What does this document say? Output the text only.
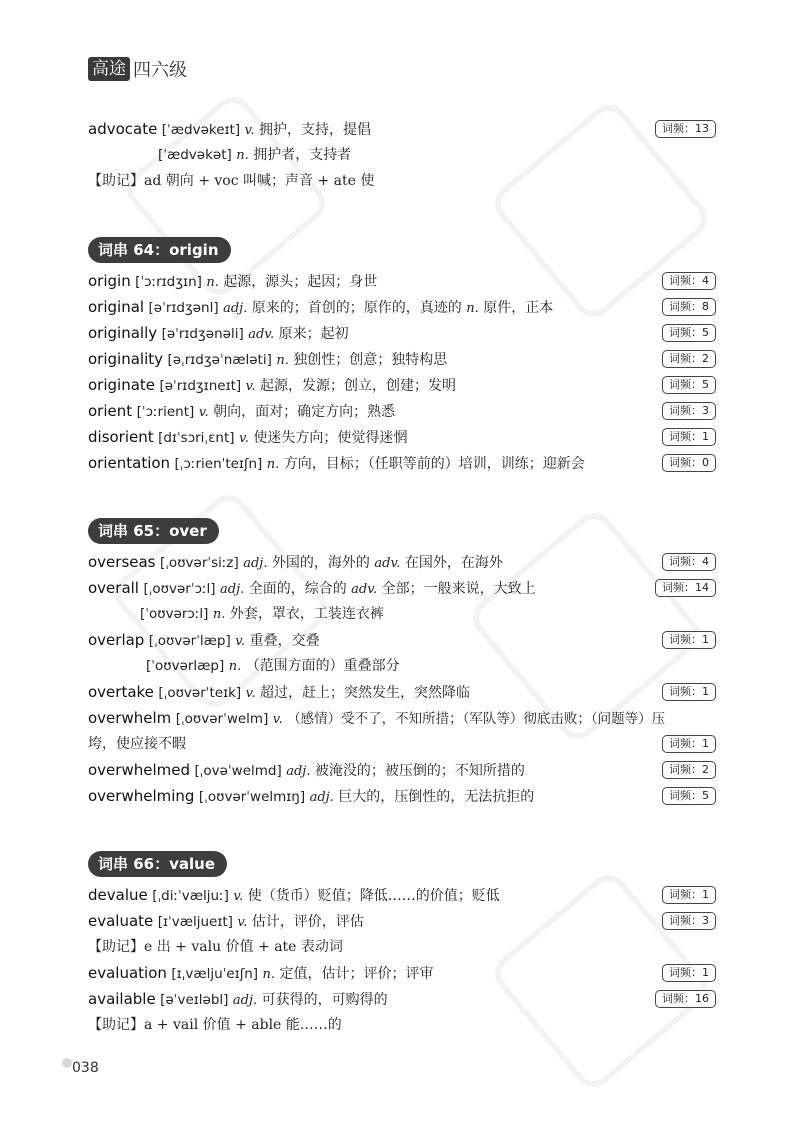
高途 四六级
advocate [ˈædvəkeɪt] v. 拥护，支持，提倡	词频：13
[ˈædvəkət] n. 拥护者，支持者
【助记】ad 朝向 + voc 叫喊；声音 + ate 使
词串 64：origin
origin [ˈɔːrɪdʒɪn] n. 起源，源头；起因；身世	词频：4
original [əˈrɪdʒənl] adj. 原来的；首创的；原作的，真迹的 n. 原件，正本	词频：8
originally [əˈrɪdʒənəli] adv. 原来；起初	词频：5
originality [əˌrɪdʒəˈnæləti] n. 独创性；创意；独特构思	词频：2
originate [əˈrɪdʒɪneɪt] v. 起源，发源；创立，创建；发明	词频：5
orient [ˈɔːrient] v. 朝向，面对；确定方向；熟悉	词频：3
disorient [dɪˈsɔriˌɛnt] v. 使迷失方向；使觉得迷惘	词频：1
orientation [ˌɔːrienˈteɪʃn] n. 方向，目标；（任职等前的）培训，训练；迎新会	词频：0
词串 65：over
overseas [ˌoʊvərˈsiːz] adj. 外国的，海外的 adv. 在国外，在海外	词频：4
overall [ˌoʊvərˈɔːl] adj. 全面的，综合的 adv. 全部；一般来说，大致上	词频：14
[ˈoʊvərɔːl] n. 外套，罩衣，工装连衣裤
overlap [ˌoʊvərˈlæp] v. 重叠，交叠	词频：1
[ˈoʊvərlæp] n. （范围方面的）重叠部分
overtake [ˌoʊvərˈteɪk] v. 超过，赶上；突然发生，突然降临	词频：1
overwhelm [ˌoʊvərˈwelm] v. （感情）受不了，不知所措；（军队等）彻底击败；（问题等）压
垮，使应接不暇	词频：1
overwhelmed [ˌovəˈwelmd] adj. 被淹没的；被压倒的；不知所措的	词频：2
overwhelming [ˌoʊvərˈwelmɪŋ] adj. 巨大的，压倒性的，无法抗拒的	词频：5
词串 66：value
devalue [ˌdiːˈvæljuː] v. 使（货币）贬值；降低……的价值；贬低	词频：1
evaluate [ɪˈvæljueɪt] v. 估计，评价，评估	词频：3
【助记】e 出 + valu 价值 + ate 表动词
evaluation [ɪˌvæljuˈeɪʃn] n. 定值，估计；评价；评审	词频：1
available [əˈveɪləbl] adj. 可获得的，可购得的	词频：16
【助记】a + vail 价值 + able 能……的
038
